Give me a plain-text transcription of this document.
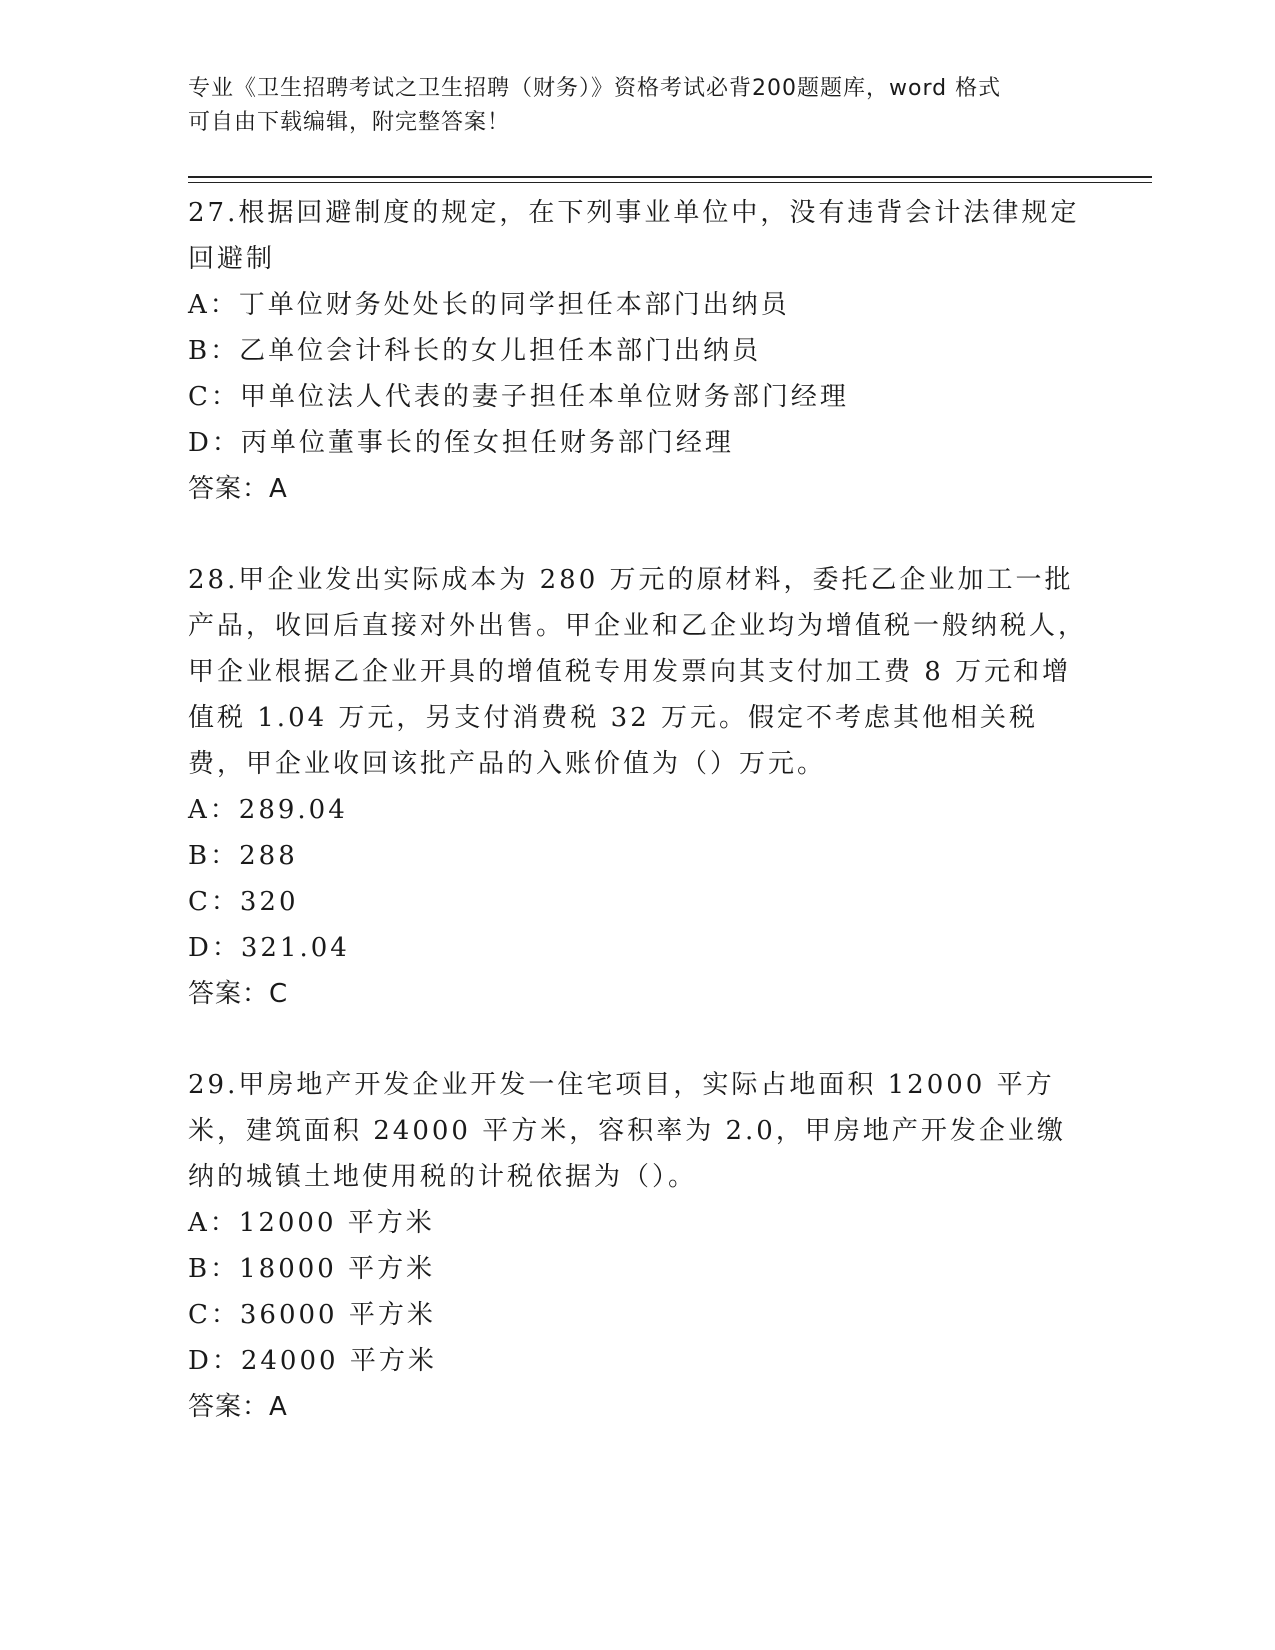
专业《卫生招聘考试之卫生招聘（财务）》资格考试必背200题题库，word 格式
可自由下载编辑，附完整答案！

27.根据回避制度的规定，在下列事业单位中，没有违背会计法律规定回避制

A：丁单位财务处处长的同学担任本部门出纳员

B：乙单位会计科长的女儿担任本部门出纳员

C：甲单位法人代表的妻子担任本单位财务部门经理

D：丙单位董事长的侄女担任财务部门经理

答案：A

28.甲企业发出实际成本为 280 万元的原材料，委托乙企业加工一批产品，收回后直接对外出售。甲企业和乙企业均为增值税一般纳税人，甲企业根据乙企业开具的增值税专用发票向其支付加工费 8 万元和增值税 1.04 万元，另支付消费税 32 万元。假定不考虑其他相关税费，甲企业收回该批产品的入账价值为（）万元。

A：289.04

B：288

C：320

D：321.04

答案：C

29.甲房地产开发企业开发一住宅项目，实际占地面积 12000 平方米，建筑面积 24000 平方米，容积率为 2.0，甲房地产开发企业缴纳的城镇土地使用税的计税依据为（）。

A：12000 平方米

B：18000 平方米

C：36000 平方米

D：24000 平方米

答案：A
